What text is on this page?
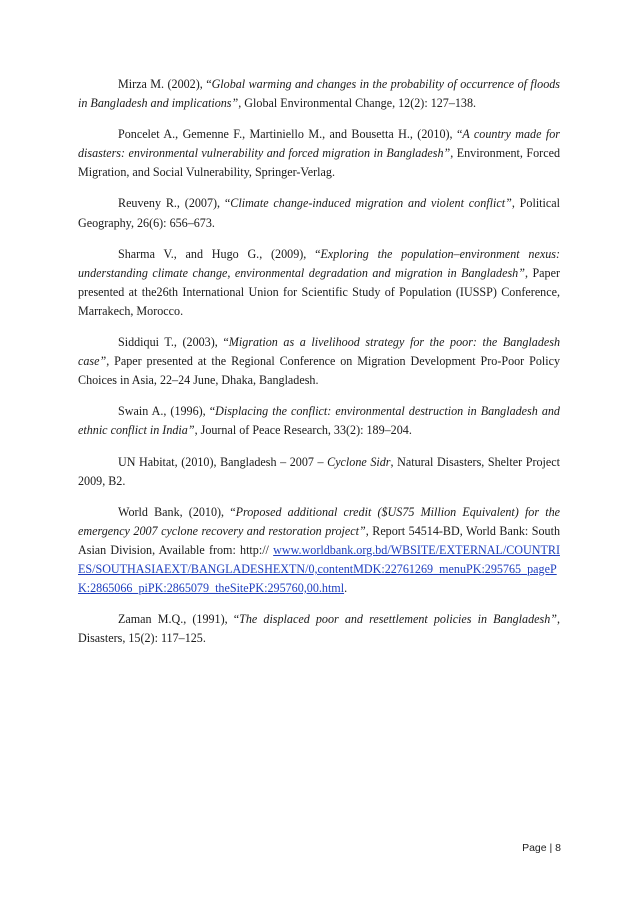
Mirza M. (2002), “Global warming and changes in the probability of occurrence of floods in Bangladesh and implications”, Global Environmental Change, 12(2): 127–138.

Poncelet A., Gemenne F., Martiniello M., and Bousetta H., (2010), “A country made for disasters: environmental vulnerability and forced migration in Bangladesh”, Environment, Forced Migration, and Social Vulnerability, Springer-Verlag.

Reuveny R., (2007), “Climate change-induced migration and violent conflict”, Political Geography, 26(6): 656–673.

Sharma V., and Hugo G., (2009), “Exploring the population–environment nexus: understanding climate change, environmental degradation and migration in Bangladesh”, Paper presented at the26th International Union for Scientific Study of Population (IUSSP) Conference, Marrakech, Morocco.

Siddiqui T., (2003), “Migration as a livelihood strategy for the poor: the Bangladesh case”, Paper presented at the Regional Conference on Migration Development Pro-Poor Policy Choices in Asia, 22–24 June, Dhaka, Bangladesh.

Swain A., (1996), “Displacing the conflict: environmental destruction in Bangladesh and ethnic conflict in India”, Journal of Peace Research, 33(2): 189–204.

UN Habitat, (2010), Bangladesh – 2007 – Cyclone Sidr, Natural Disasters, Shelter Project 2009, B2.

World Bank, (2010), “Proposed additional credit ($US75 Million Equivalent) for the emergency 2007 cyclone recovery and restoration project”, Report 54514-BD, World Bank: South Asian Division, Available from: http:// www.worldbank.org.bd/WBSITE/EXTERNAL/COUNTRIES/SOUTHASIAEXT/BANGLADESHEXTN/0,contentMDK:22761269_menuPK:295765_pagePK:2865066_piPK:2865079_theSitePK:295760,00.html.

Zaman M.Q., (1991), “The displaced poor and resettlement policies in Bangladesh”, Disasters, 15(2): 117–125.

Page | 8
